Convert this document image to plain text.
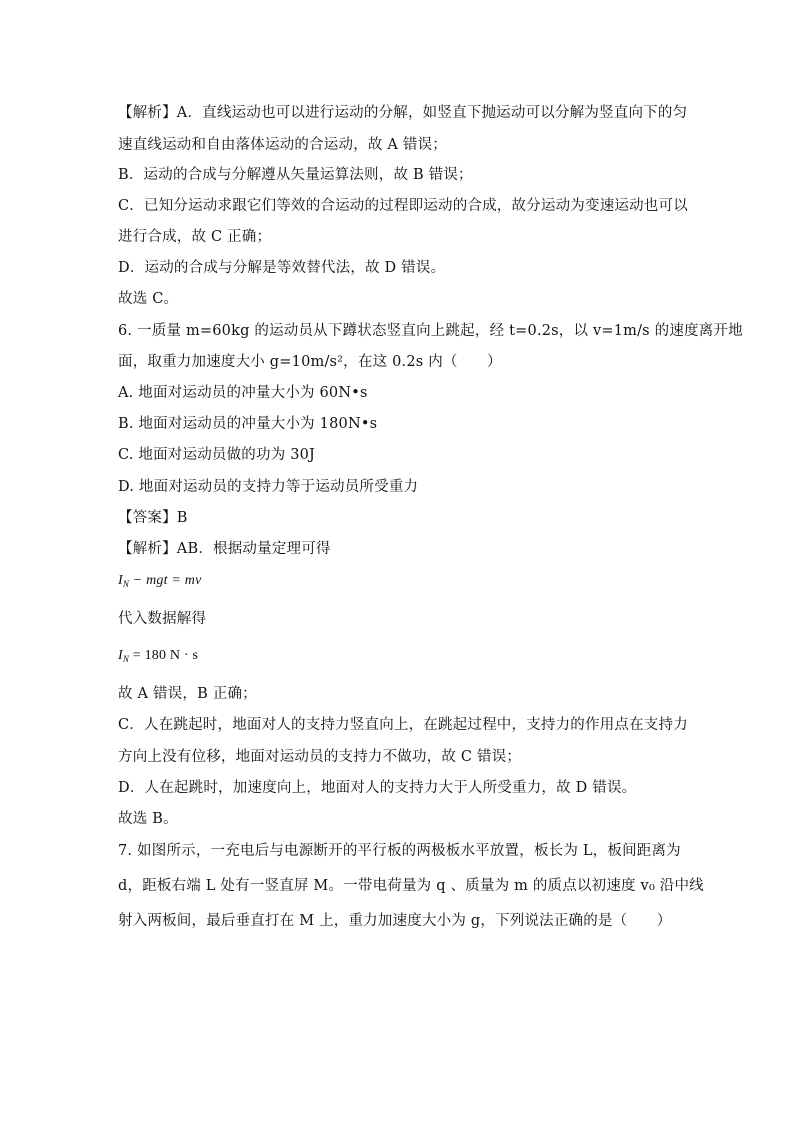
【解析】A．直线运动也可以进行运动的分解，如竖直下抛运动可以分解为竖直向下的匀
速直线运动和自由落体运动的合运动，故 A 错误；
B．运动的合成与分解遵从矢量运算法则，故 B 错误；
C．已知分运动求跟它们等效的合运动的过程即运动的合成，故分运动为变速运动也可以
进行合成，故 C 正确；
D．运动的合成与分解是等效替代法，故 D 错误。
故选 C。
6. 一质量 m=60kg 的运动员从下蹲状态竖直向上跳起，经 t=0.2s，以 v=1m/s 的速度离开地
面，取重力加速度大小 g=10m/s²，在这 0.2s 内（　　）
A. 地面对运动员的冲量大小为 60N•s
B. 地面对运动员的冲量大小为 180N•s
C. 地面对运动员做的功为 30J
D. 地面对运动员的支持力等于运动员所受重力
【答案】B
【解析】AB．根据动量定理可得
$I_N$ − mgt = mv
代入数据解得
$I_N = 180$ N · s
故 A 错误，B 正确；
C．人在跳起时，地面对人的支持力竖直向上，在跳起过程中，支持力的作用点在支持力
方向上没有位移，地面对运动员的支持力不做功，故 C 错误；
D．人在起跳时，加速度向上，地面对人的支持力大于人所受重力，故 D 错误。
故选 B。
7. 如图所示，一充电后与电源断开的平行板的两极板水平放置，板长为 L，板间距离为
d，距板右端 L 处有一竖直屏 M。一带电荷量为 q 、质量为 m 的质点以初速度 v₀ 沿中线
射入两板间，最后垂直打在 M 上，重力加速度大小为 g，下列说法正确的是（　　）
